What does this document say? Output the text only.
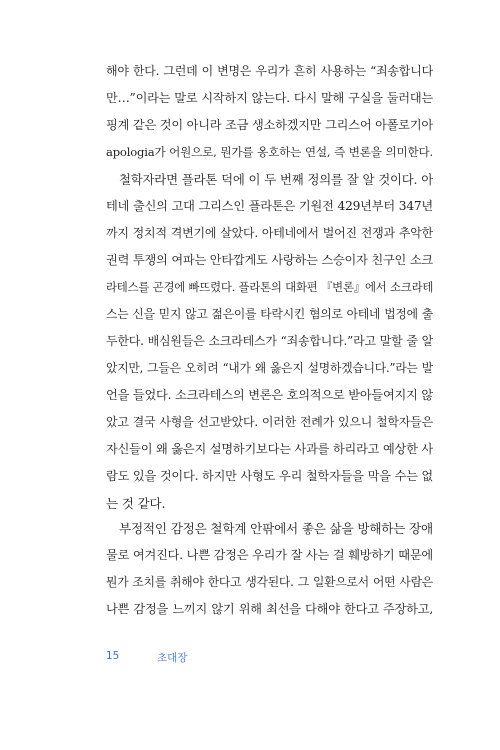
해야 한다. 그런데 이 변명은 우리가 흔히 사용하는 “죄송합니다
만…”이라는 말로 시작하지 않는다. 다시 말해 구실을 둘러대는
핑계 같은 것이 아니라 조금 생소하겠지만 그리스어 아폴로기아
apologia가 어원으로, 뭔가를 옹호하는 연설, 즉 변론을 의미한다.
철학자라면 플라톤 덕에 이 두 번째 정의를 잘 알 것이다. 아
테네 출신의 고대 그리스인 플라톤은 기원전 429년부터 347년
까지 정치적 격변기에 살았다. 아테네에서 벌어진 전쟁과 추악한
권력 투쟁의 여파는 안타깝게도 사랑하는 스승이자 친구인 소크
라테스를 곤경에 빠뜨렸다. 플라톤의 대화편 『변론』에서 소크라테
스는 신을 믿지 않고 젊은이를 타락시킨 혐의로 아테네 법정에 출
두한다. 배심원들은 소크라테스가 “죄송합니다.”라고 말할 줄 알
았지만, 그들은 오히려 “내가 왜 옳은지 설명하겠습니다.”라는 발
언을 들었다. 소크라테스의 변론은 호의적으로 받아들여지지 않
았고 결국 사형을 선고받았다. 이러한 전례가 있으니 철학자들은
자신들이 왜 옳은지 설명하기보다는 사과를 하리라고 예상한 사
람도 있을 것이다. 하지만 사형도 우리 철학자들을 막을 수는 없
는 것 같다.
부정적인 감정은 철학계 안팎에서 좋은 삶을 방해하는 장애
물로 여겨진다. 나쁜 감정은 우리가 잘 사는 걸 훼방하기 때문에
뭔가 조치를 취해야 한다고 생각된다. 그 일환으로서 어떤 사람은
나쁜 감정을 느끼지 않기 위해 최선을 다해야 한다고 주장하고,
15	초대장
